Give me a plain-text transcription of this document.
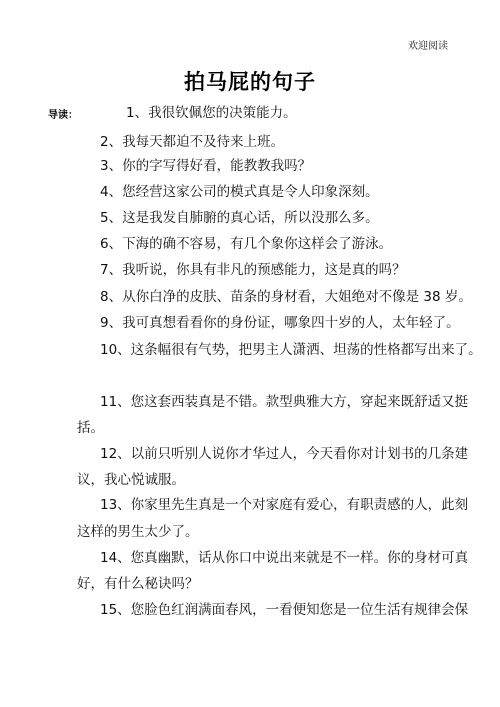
欢迎阅读
拍马屁的句子
导读：	1、我很钦佩您的决策能力。
2、我每天都迫不及待来上班。
3、你的字写得好看，能教教我吗？
4、您经营这家公司的模式真是令人印象深刻。
5、这是我发自肺腑的真心话，所以没那么多。
6、下海的确不容易，有几个象你这样会了游泳。
7、我听说，你具有非凡的预感能力，这是真的吗？
8、从你白净的皮肤、苗条的身材看，大姐绝对不像是 38 岁。
9、我可真想看看你的身份证，哪象四十岁的人，太年轻了。
10、这条幅很有气势，把男主人潇洒、坦荡的性格都写出来了。
11、您这套西装真是不错。款型典雅大方，穿起来既舒适又挺
括。
12、以前只听别人说你才华过人，今天看你对计划书的几条建
议，我心悦诚服。
13、你家里先生真是一个对家庭有爱心，有职责感的人，此刻
这样的男生太少了。
14、您真幽默，话从你口中说出来就是不一样。你的身材可真
好，有什么秘诀吗？
15、您脸色红润满面春风，一看便知您是一位生活有规律会保
